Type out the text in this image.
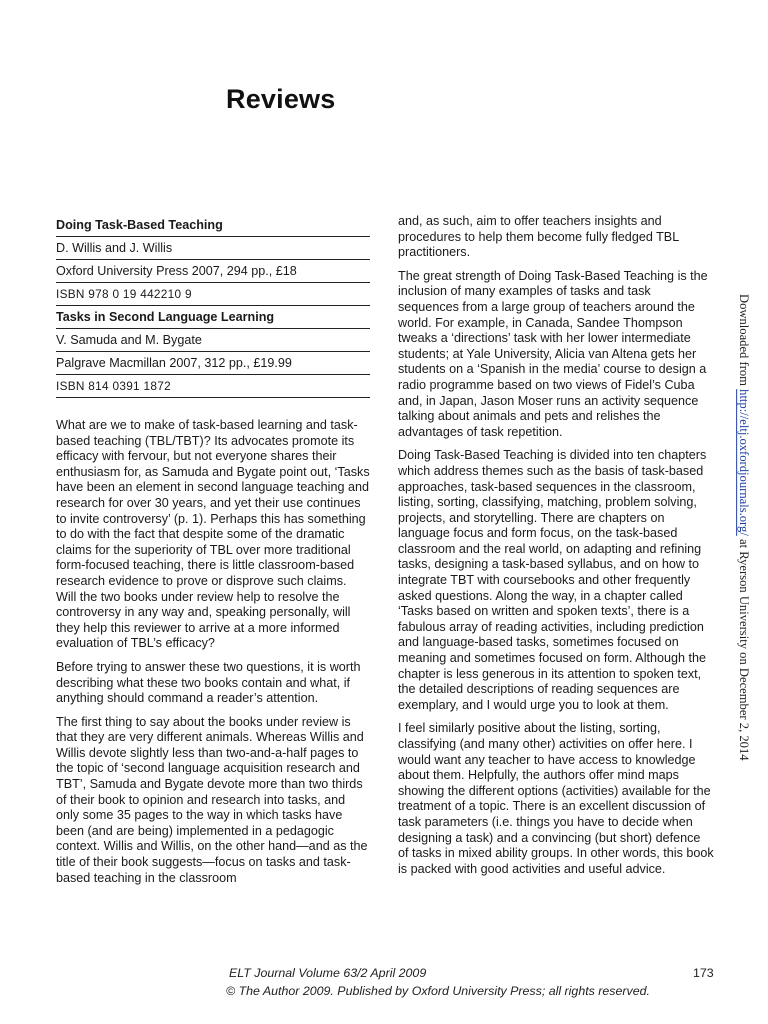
Reviews
Doing Task-Based Teaching
D. Willis and J. Willis
Oxford University Press 2007, 294 pp., £18
ISBN 978 0 19 442210 9
Tasks in Second Language Learning
V. Samuda and M. Bygate
Palgrave Macmillan 2007, 312 pp., £19.99
ISBN 814 0391 1872

What are we to make of task-based learning and task-based teaching (TBL/TBT)? Its advocates promote its efficacy with fervour, but not everyone shares their enthusiasm for, as Samuda and Bygate point out, ‘Tasks have been an element in second language teaching and research for over 30 years, and yet their use continues to invite controversy’ (p. 1). Perhaps this has something to do with the fact that despite some of the dramatic claims for the superiority of TBL over more traditional form-focused teaching, there is little classroom-based research evidence to prove or disprove such claims. Will the two books under review help to resolve the controversy in any way and, speaking personally, will they help this reviewer to arrive at a more informed evaluation of TBL’s efficacy?

Before trying to answer these two questions, it is worth describing what these two books contain and what, if anything should command a reader’s attention.

The first thing to say about the books under review is that they are very different animals. Whereas Willis and Willis devote slightly less than two-and-a-half pages to the topic of ‘second language acquisition research and TBT’, Samuda and Bygate devote more than two thirds of their book to opinion and research into tasks, and only some 35 pages to the way in which tasks have been (and are being) implemented in a pedagogic context. Willis and Willis, on the other hand—and as the title of their book suggests—focus on tasks and task-based teaching in the classroom

and, as such, aim to offer teachers insights and procedures to help them become fully fledged TBL practitioners.

The great strength of Doing Task-Based Teaching is the inclusion of many examples of tasks and task sequences from a large group of teachers around the world. For example, in Canada, Sandee Thompson tweaks a ‘directions’ task with her lower intermediate students; at Yale University, Alicia van Altena gets her students on a ‘Spanish in the media’ course to design a radio programme based on two views of Fidel’s Cuba and, in Japan, Jason Moser runs an activity sequence talking about animals and pets and relishes the advantages of task repetition.

Doing Task-Based Teaching is divided into ten chapters which address themes such as the basis of task-based approaches, task-based sequences in the classroom, listing, sorting, classifying, matching, problem solving, projects, and storytelling. There are chapters on language focus and form focus, on the task-based classroom and the real world, on adapting and refining tasks, designing a task-based syllabus, and on how to integrate TBT with coursebooks and other frequently asked questions. Along the way, in a chapter called ‘Tasks based on written and spoken texts’, there is a fabulous array of reading activities, including prediction and language-based tasks, sometimes focused on meaning and sometimes focused on form. Although the chapter is less generous in its attention to spoken text, the detailed descriptions of reading sequences are exemplary, and I would urge you to look at them.

I feel similarly positive about the listing, sorting, classifying (and many other) activities on offer here. I would want any teacher to have access to knowledge about them. Helpfully, the authors offer mind maps showing the different options (activities) available for the treatment of a topic. There is an excellent discussion of task parameters (i.e. things you have to decide when designing a task) and a convincing (but short) defence of tasks in mixed ability groups. In other words, this book is packed with good activities and useful advice.

Downloaded from http://eltj.oxfordjournals.org/ at Ryerson University on December 2, 2014
ELT Journal Volume 63/2 April 2009	173
© The Author 2009. Published by Oxford University Press; all rights reserved.
